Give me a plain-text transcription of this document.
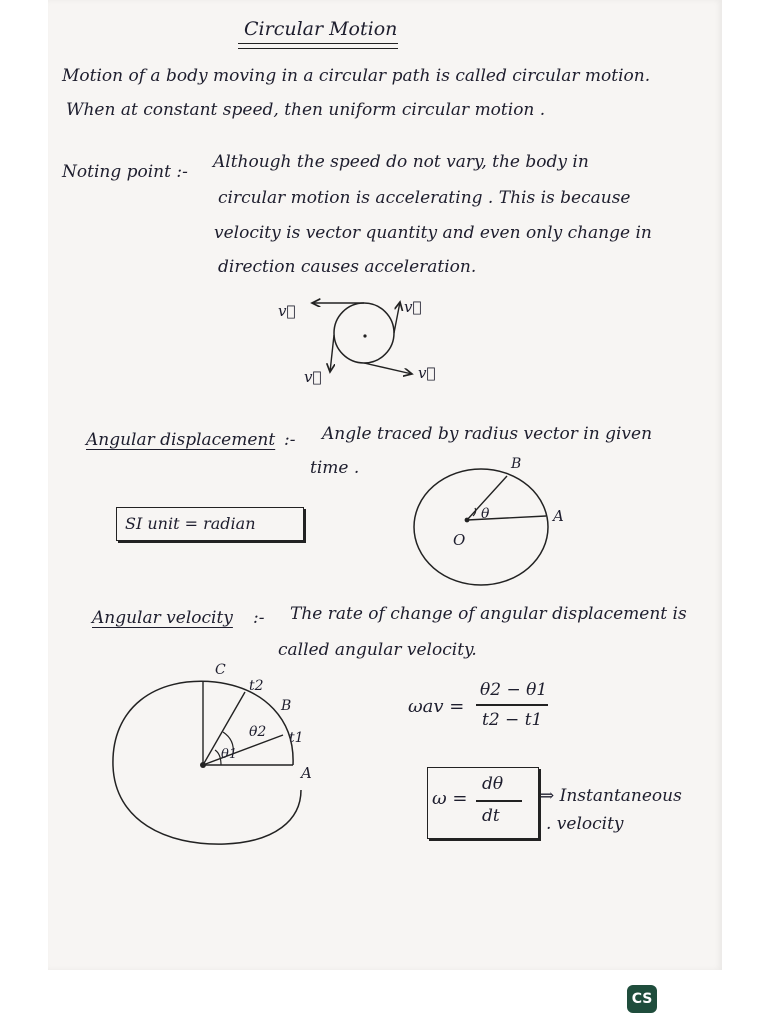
Circular Motion
Motion of a body moving in a circular path is called circular motion.
When at constant speed, then uniform circular motion .
Noting point :- Although the speed do not vary, the body in
circular motion is accelerating . This is because
velocity is vector quantity and even only change in
direction causes acceleration.
v⃗	v⃗
v⃗	v⃗
Angular displacement :- Angle traced by radius vector in given
time .
SI unit = radian
B
A
O
θ
Angular velocity :- The rate of change of angular displacement is
called angular velocity.
C
t2
B
t1
θ2
θ1
A
ωav =
θ2 − θ1
t2 − t1
ω =
dθ
dt
⇒ Instantaneous
. velocity
CS
